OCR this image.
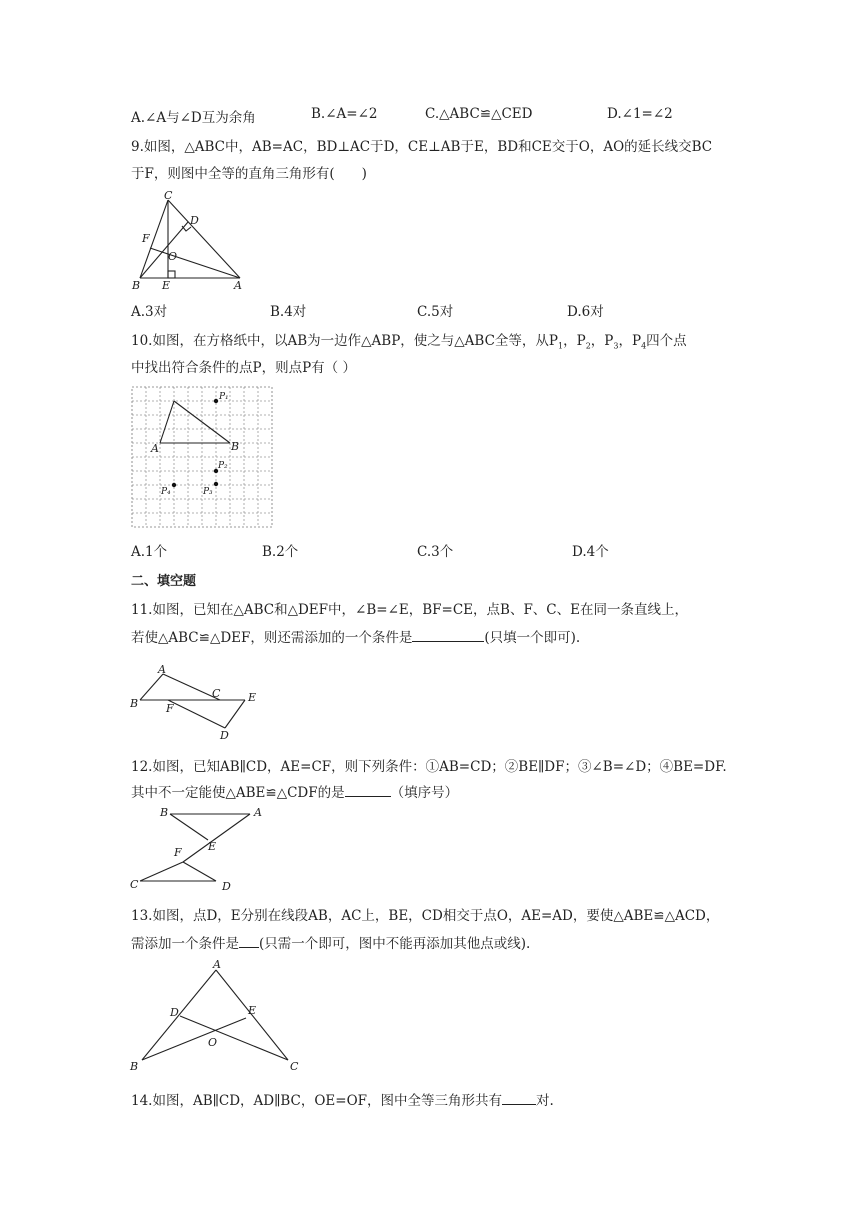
A.∠A与∠D互为余角	B.∠A=∠2	C.△ABC≌△CED	D.∠1=∠2
9.如图，△ABC中，AB=AC，BD⊥AC于D，CE⊥AB于E，BD和CE交于O，AO的延长线交BC
于F，则图中全等的直角三角形有(　　)
C
D
F
O
B E	A
A.3对	B.4对	C.5对	D.6对
10.如图，在方格纸中，以AB为一边作△ABP，使之与△ABC全等，从$P_1$，$P_2$，$P_3$，$P_4$四个点
中找出符合条件的点P，则点P有（ ）
A	B
P₁
P₂
P₃
P₄
A.1个	B.2个	C.3个	D.4个
二、填空题
11.如图，已知在△ABC和△DEF中，∠B=∠E，BF=CE，点B、F、C、E在同一条直线上，
若使△ABC≌△DEF，则还需添加的一个条件是	(只填一个即可).
A
B	F
C	E
D
12.如图，已知AB∥CD，AE=CF，则下列条件：①AB=CD；②BE∥DF；③∠B=∠D；④BE=DF.
其中不一定能使△ABE≌△CDF的是	（填序号）
B	A
F E
C	D
13.如图，点D，E分别在线段AB，AC上，BE，CD相交于点O，AE=AD，要使△ABE≌△ACD，
需添加一个条件是 (只需一个即可，图中不能再添加其他点或线).
A
D	E
O
B	C
14.如图，AB∥CD，AD∥BC，OE=OF，图中全等三角形共有	对.
